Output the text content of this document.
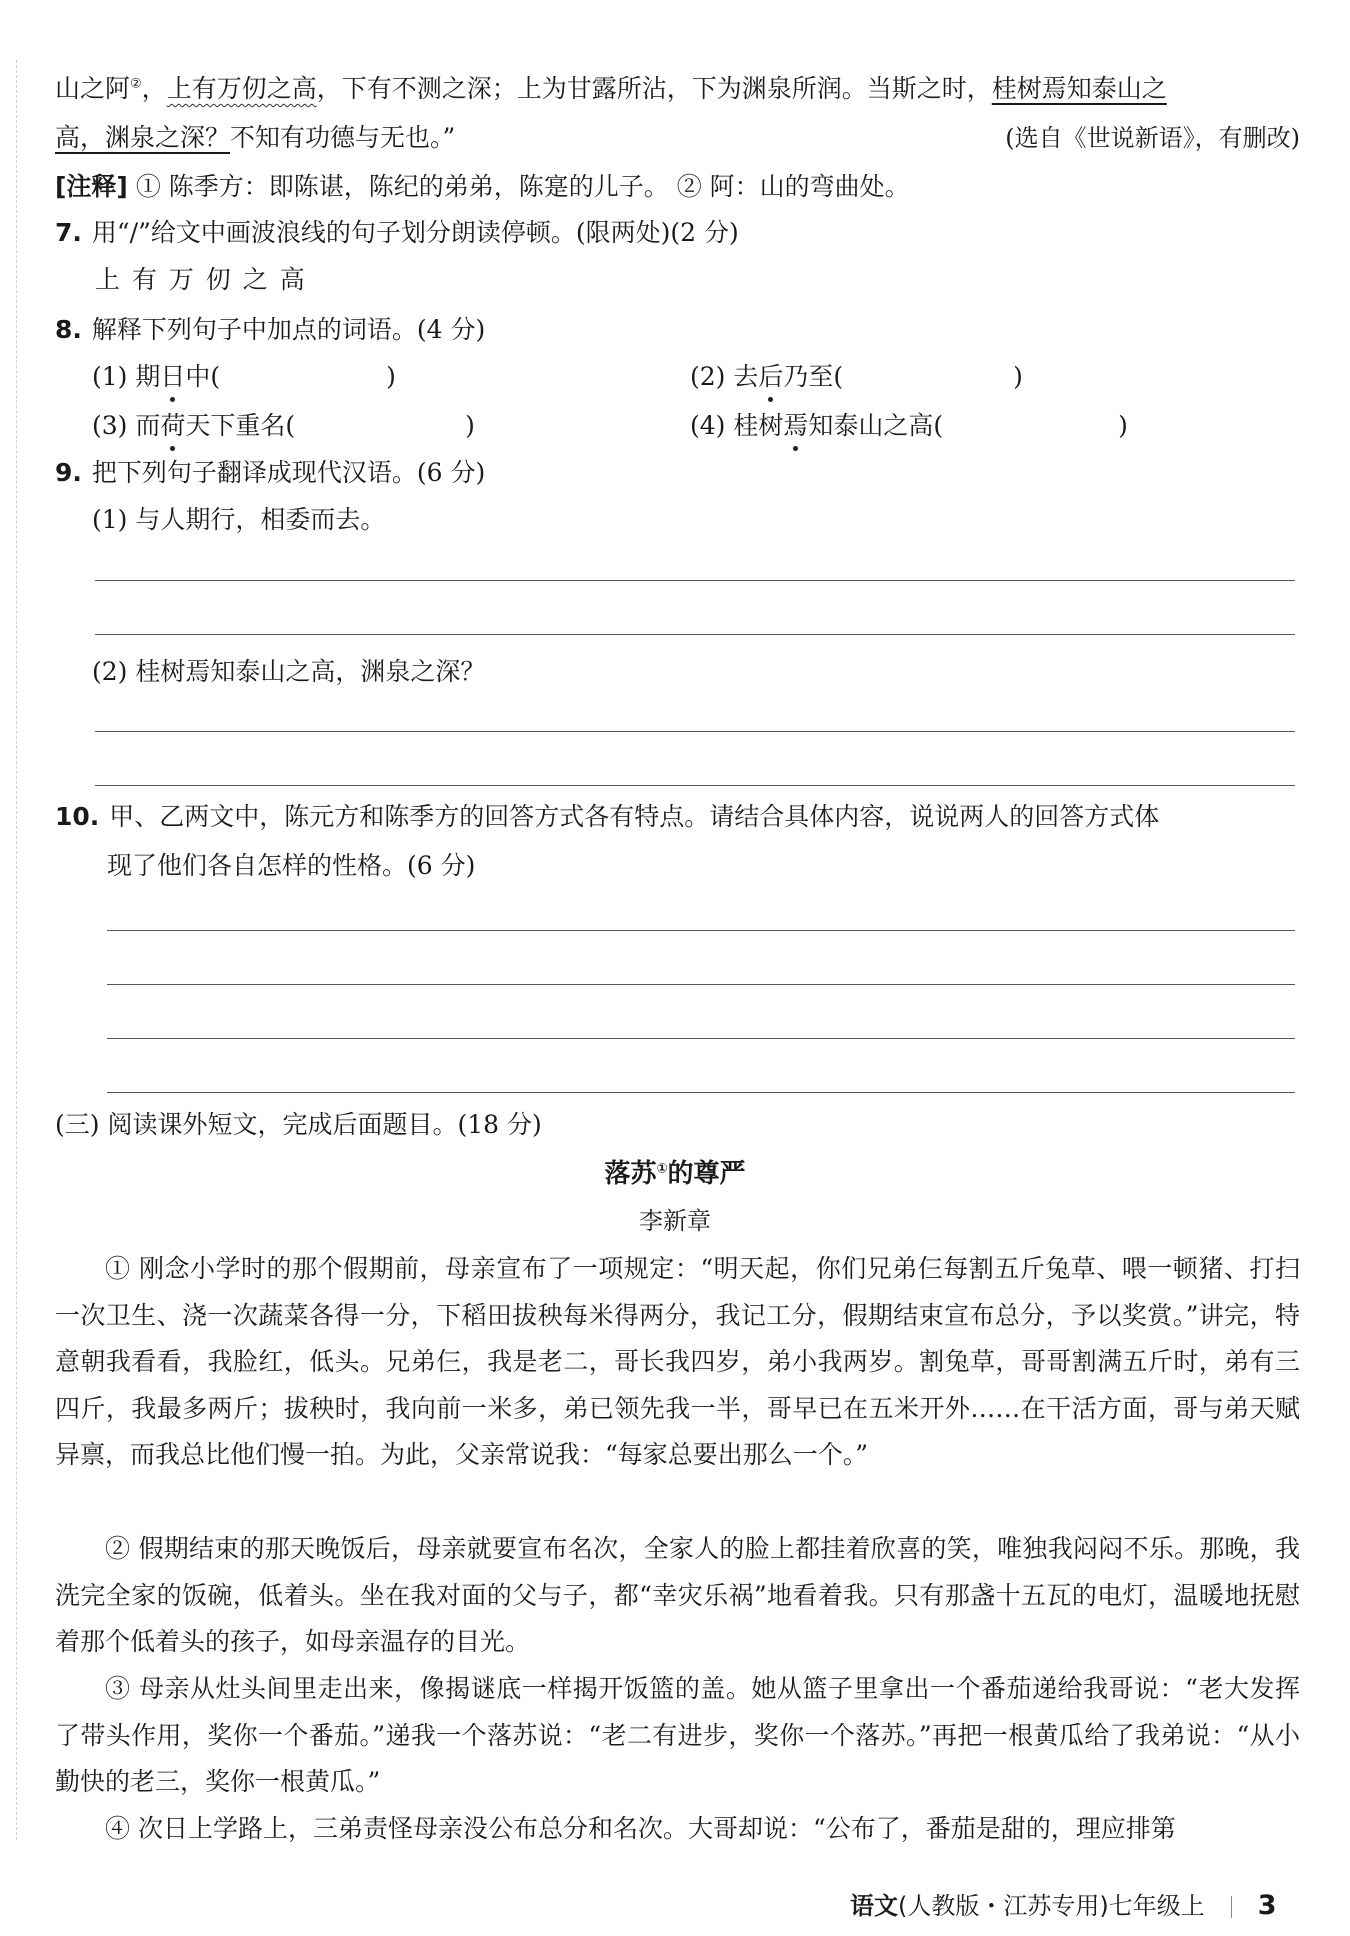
山之阿②，上有万仞之高，下有不测之深；上为甘露所沾，下为渊泉所润。当斯之时，桂树焉知泰山之
高，渊泉之深？不知有功德与无也。”	(选自《世说新语》，有删改)
[注释] ① 陈季方：即陈谌，陈纪的弟弟，陈寔的儿子。 ② 阿：山的弯曲处。
7. 用“/”给文中画波浪线的句子划分朗读停顿。(限两处)(2 分)
上 有 万 仞 之 高
8. 解释下列句子中加点的词语。(4 分)
(1) 期日中(	)	(2) 去后乃至(	)
(3) 而荷天下重名(	)	(4) 桂树焉知泰山之高(	)
9. 把下列句子翻译成现代汉语。(6 分)
(1) 与人期行，相委而去。
(2) 桂树焉知泰山之高，渊泉之深？
10. 甲、乙两文中，陈元方和陈季方的回答方式各有特点。请结合具体内容，说说两人的回答方式体
现了他们各自怎样的性格。(6 分)
(三) 阅读课外短文，完成后面题目。(18 分)
落苏①的尊严
李新章
① 刚念小学时的那个假期前，母亲宣布了一项规定：“明天起，你们兄弟仨每割五斤兔草、喂一顿猪、打扫一次卫生、浇一次蔬菜各得一分，下稻田拔秧每米得两分，我记工分，假期结束宣布总分，予以奖赏。”讲完，特意朝我看看，我脸红，低头。兄弟仨，我是老二，哥长我四岁，弟小我两岁。割兔草，哥哥割满五斤时，弟有三四斤，我最多两斤；拔秧时，我向前一米多，弟已领先我一半，哥早已在五米开外……在干活方面，哥与弟天赋异禀，而我总比他们慢一拍。为此，父亲常说我：“每家总要出那么一个。”
② 假期结束的那天晚饭后，母亲就要宣布名次，全家人的脸上都挂着欣喜的笑，唯独我闷闷不乐。那晚，我洗完全家的饭碗，低着头。坐在我对面的父与子，都“幸灾乐祸”地看着我。只有那盏十五瓦的电灯，温暖地抚慰着那个低着头的孩子，如母亲温存的目光。
③ 母亲从灶头间里走出来，像揭谜底一样揭开饭篮的盖。她从篮子里拿出一个番茄递给我哥说：“老大发挥了带头作用，奖你一个番茄。”递我一个落苏说：“老二有进步，奖你一个落苏。”再把一根黄瓜给了我弟说：“从小勤快的老三，奖你一根黄瓜。”
④ 次日上学路上，三弟责怪母亲没公布总分和名次。大哥却说：“公布了，番茄是甜的，理应排第
语文(人教版・江苏专用)七年级上 3
